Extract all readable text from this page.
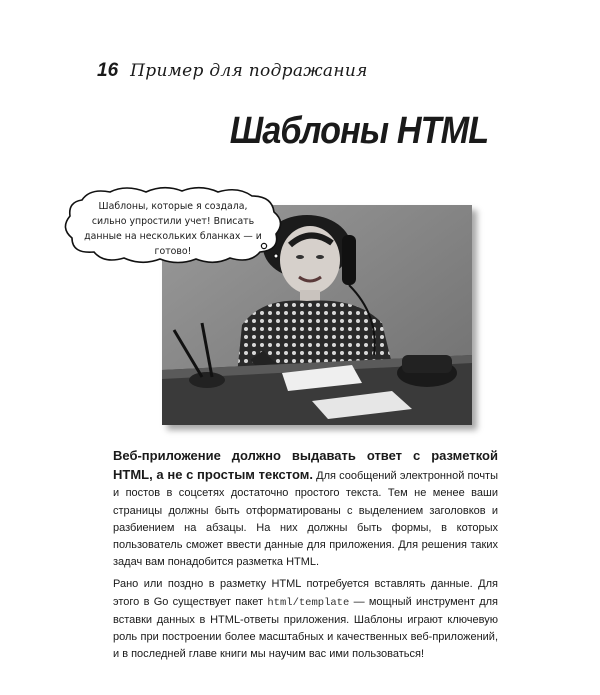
16 Пример для подражания
Шаблоны HTML
Шаблоны, которые я создала, сильно упростили учет! Вписать данные на нескольких бланках — и готово!

Веб-приложение должно выдавать ответ с разметкой HTML, а не с простым текстом. Для сообщений электронной почты и постов в соцсетях достаточно простого текста. Тем не менее ваши страницы должны быть отформатированы с выделением заголовков и разбиением на абзацы. На них должны быть формы, в которых пользователь сможет ввести данные для приложения. Для решения таких задач вам понадобится разметка HTML.

Рано или поздно в разметку HTML потребуется вставлять данные. Для этого в Go существует пакет html/template — мощный инструмент для вставки данных в HTML-ответы приложения. Шаблоны играют ключевую роль при построении более масштабных и качественных веб-приложений, и в последней главе книги мы научим вас ими пользоваться!
